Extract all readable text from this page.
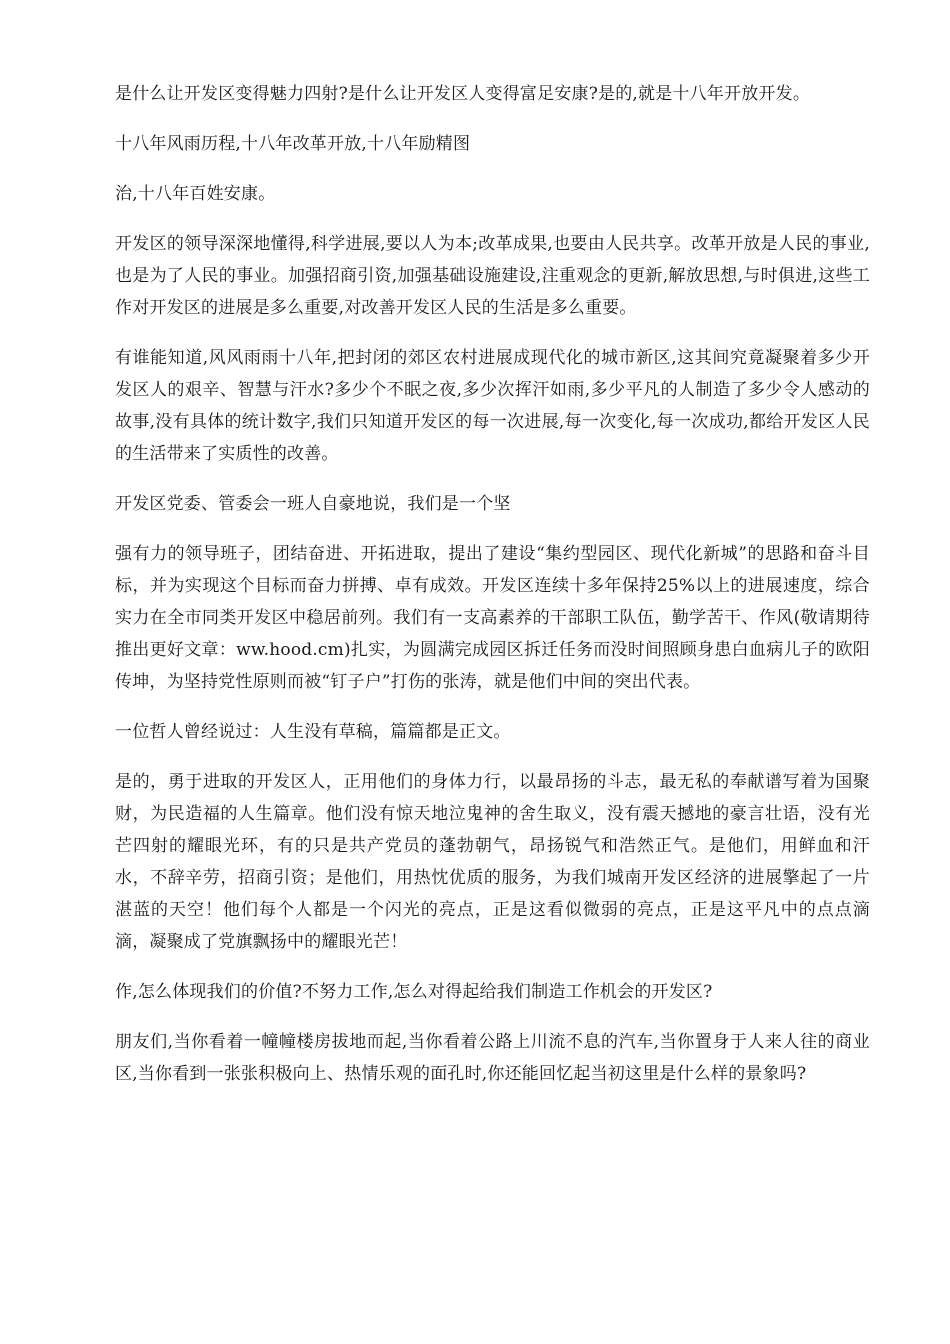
是什么让开发区变得魅力四射?是什么让开发区人变得富足安康?是的,就是十八年开放开发。

十八年风雨历程,十八年改革开放,十八年励精图

治,十八年百姓安康。

开发区的领导深深地懂得,科学进展,要以人为本;改革成果,也要由人民共享。改革开放是人民的事业,也是为了人民的事业。加强招商引资,加强基础设施建设,注重观念的更新,解放思想,与时俱进,这些工作对开发区的进展是多么重要,对改善开发区人民的生活是多么重要。

有谁能知道,风风雨雨十八年,把封闭的郊区农村进展成现代化的城市新区,这其间究竟凝聚着多少开发区人的艰辛、智慧与汗水?多少个不眠之夜,多少次挥汗如雨,多少平凡的人制造了多少令人感动的故事,没有具体的统计数字,我们只知道开发区的每一次进展,每一次变化,每一次成功,都给开发区人民的生活带来了实质性的改善。

开发区党委、管委会一班人自豪地说，我们是一个坚

强有力的领导班子，团结奋进、开拓进取，提出了建设“集约型园区、现代化新城”的思路和奋斗目标，并为实现这个目标而奋力拼搏、卓有成效。开发区连续十多年保持25%以上的进展速度，综合实力在全市同类开发区中稳居前列。我们有一支高素养的干部职工队伍，勤学苦干、作风(敬请期待推出更好文章：ww.hood.cm)扎实，为圆满完成园区拆迁任务而没时间照顾身患白血病儿子的欧阳传坤，为坚持党性原则而被“钉子户”打伤的张涛，就是他们中间的突出代表。

一位哲人曾经说过：人生没有草稿，篇篇都是正文。

是的，勇于进取的开发区人，正用他们的身体力行，以最昂扬的斗志，最无私的奉献谱写着为国聚财，为民造福的人生篇章。他们没有惊天地泣鬼神的舍生取义，没有震天撼地的豪言壮语，没有光芒四射的耀眼光环，有的只是共产党员的蓬勃朝气，昂扬锐气和浩然正气。是他们，用鲜血和汗水，不辞辛劳，招商引资；是他们，用热忱优质的服务，为我们城南开发区经济的进展擎起了一片湛蓝的天空！他们每个人都是一个闪光的亮点，正是这看似微弱的亮点，正是这平凡中的点点滴滴，凝聚成了党旗飘扬中的耀眼光芒！

作,怎么体现我们的价值?不努力工作,怎么对得起给我们制造工作机会的开发区?

朋友们,当你看着一幢幢楼房拔地而起,当你看着公路上川流不息的汽车,当你置身于人来人往的商业区,当你看到一张张积极向上、热情乐观的面孔时,你还能回忆起当初这里是什么样的景象吗?
